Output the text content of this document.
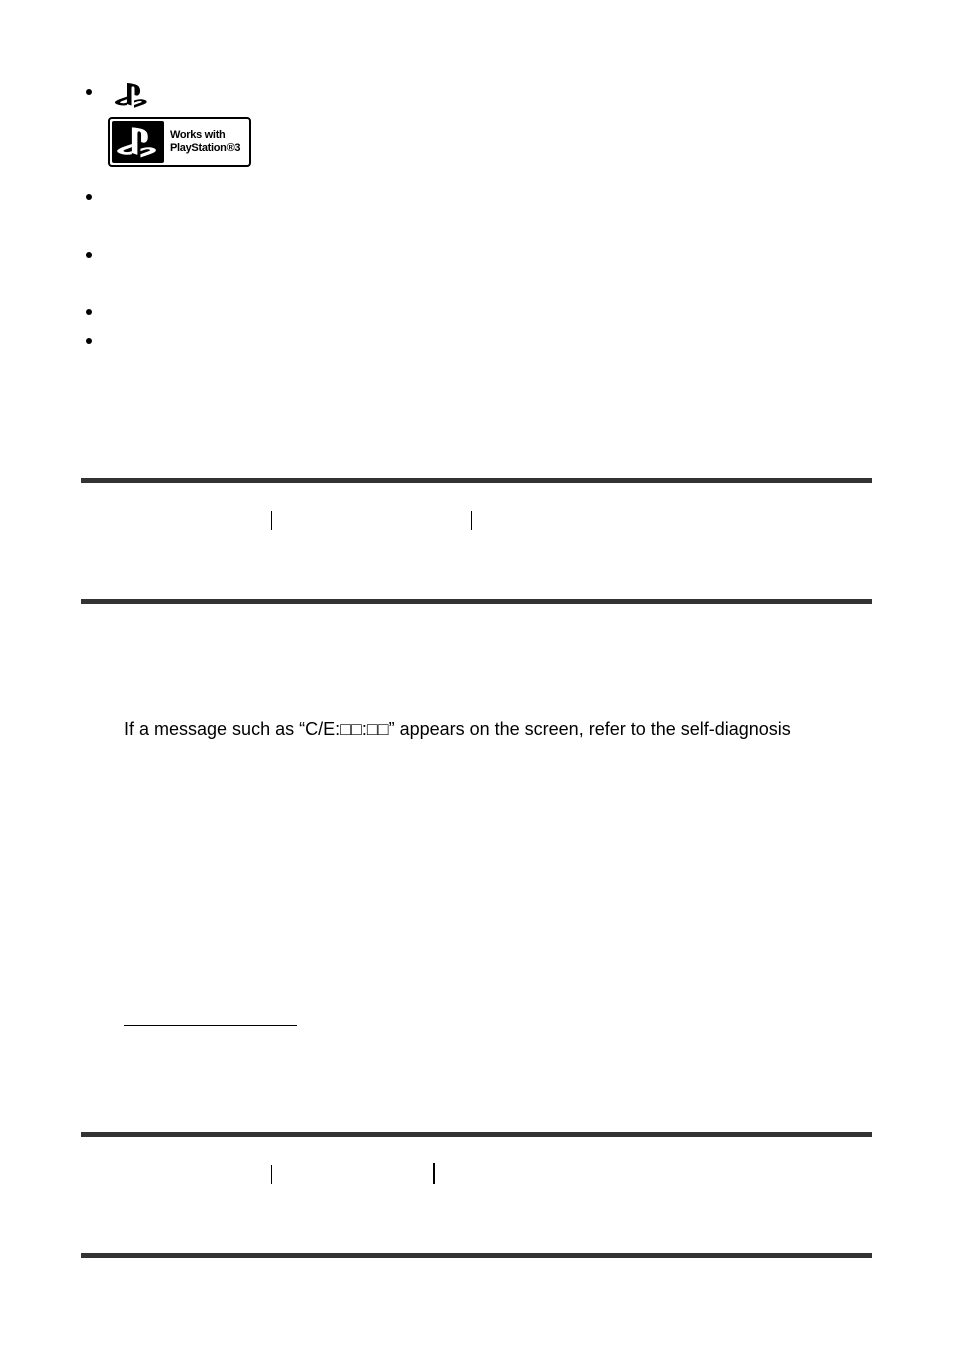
Works with
PlayStation®3
If a message such as “C/E:□□:□□” appears on the screen, refer to the self-diagnosis
